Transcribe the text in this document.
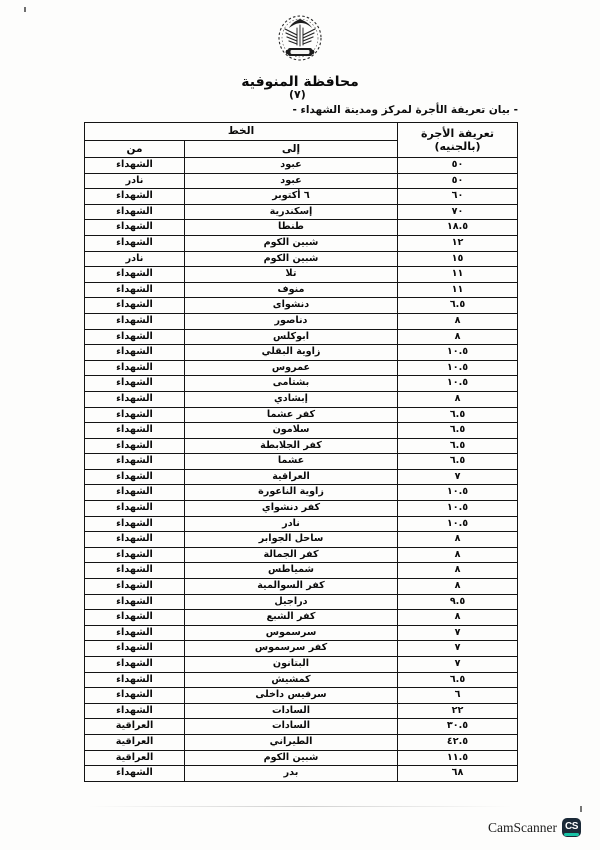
محافظة المنوفية
(٧)
- بيان تعريفة الأجرة لمركز ومدينة الشهداء -
تعريفة الأجرة (بالجنيه)	الخط	
	إلى	من
٥٠	عبود	الشهداء
٥٠	عبود	نادر
٦٠	٦ أكتوبر	الشهداء
٧٠	إسكندرية	الشهداء
١٨.٥	طنطا	الشهداء
١٢	شبين الكوم	الشهداء
١٥	شبين الكوم	نادر
١١	تلا	الشهداء
١١	منوف	الشهداء
٦.٥	دنشواى	الشهداء
٨	دناصور	الشهداء
٨	ابوكلس	الشهداء
١٠.٥	زاوية البقلي	الشهداء
١٠.٥	عمروس	الشهداء
١٠.٥	بشتامى	الشهداء
٨	إبشادي	الشهداء
٦.٥	كفر عشما	الشهداء
٦.٥	سلامون	الشهداء
٦.٥	كفر الجلابطة	الشهداء
٦.٥	عشما	الشهداء
٧	العراقية	الشهداء
١٠.٥	زاوية الناعورة	الشهداء
١٠.٥	كفر دنشواي	الشهداء
١٠.٥	نادر	الشهداء
٨	ساحل الجوابر	الشهداء
٨	كفر الجمالة	الشهداء
٨	شمياطس	الشهداء
٨	كفر السوالمية	الشهداء
٩.٥	دراجيل	الشهداء
٨	كفر الشبع	الشهداء
٧	سرسموس	الشهداء
٧	كفر سرسموس	الشهداء
٧	البتانون	الشهداء
٦.٥	كمشيش	الشهداء
٦	سرفيس داخلى	الشهداء
٢٢	السادات	الشهداء
٣٠.٥	السادات	العراقية
٤٢.٥	الطيراني	العراقية
١١.٥	شبين الكوم	العراقية
٦٨	بدر	الشهداء
CS
CamScanner
